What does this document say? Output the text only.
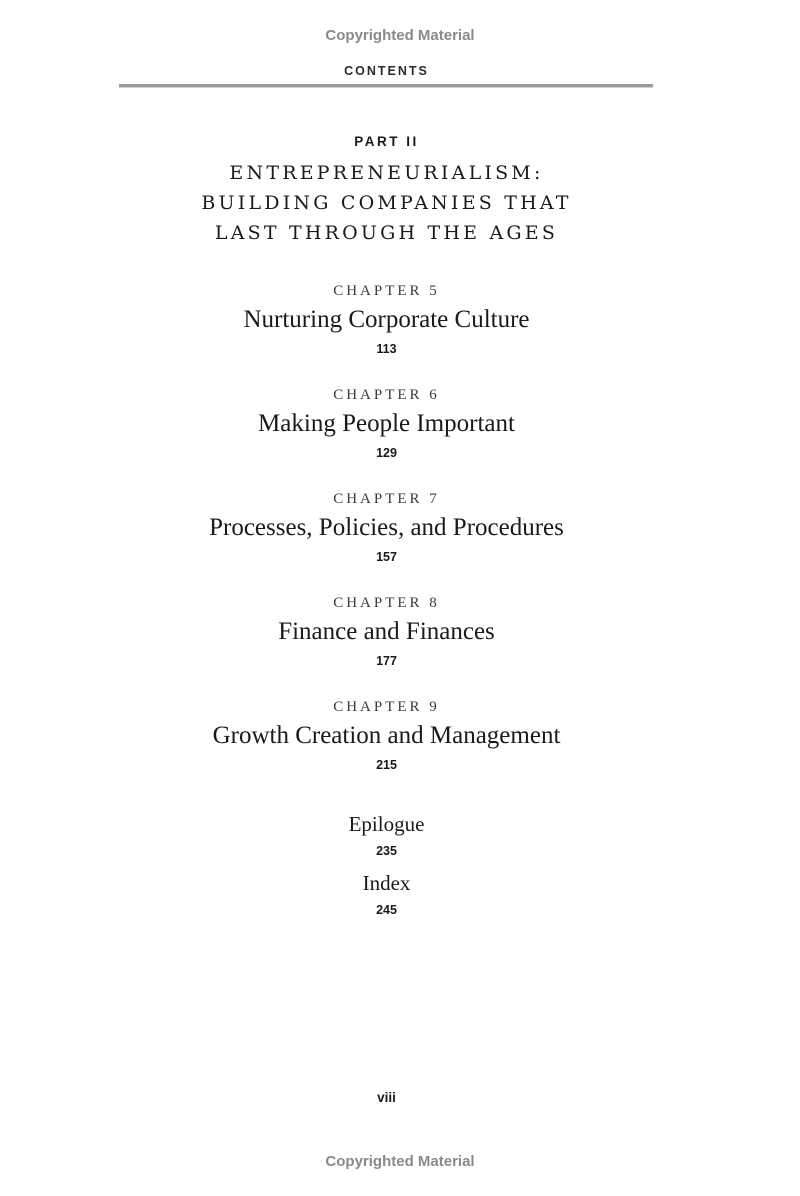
Copyrighted Material
CONTENTS
PART II
ENTREPRENEURIALISM:
BUILDING COMPANIES THAT
LAST THROUGH THE AGES
CHAPTER 5
Nurturing Corporate Culture
113
CHAPTER 6
Making People Important
129
CHAPTER 7
Processes, Policies, and Procedures
157
CHAPTER 8
Finance and Finances
177
CHAPTER 9
Growth Creation and Management
215
Epilogue
235
Index
245
viii
Copyrighted Material
